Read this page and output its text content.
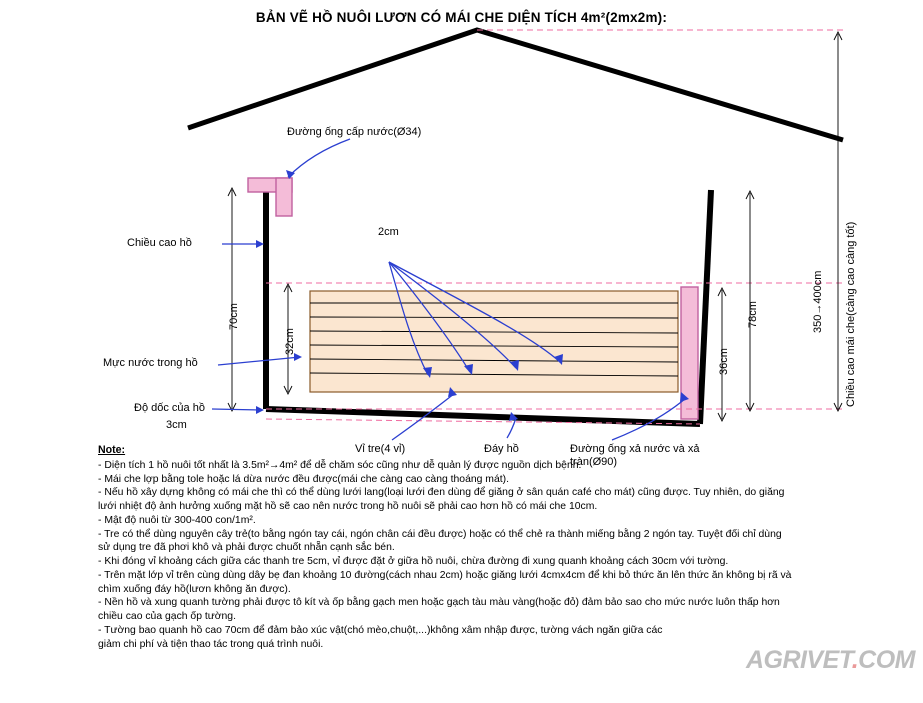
BẢN VẼ HỒ NUÔI LƯƠN CÓ MÁI CHE DIỆN TÍCH 4m²(2mx2m):
Đường ống cấp nước(Ø34)
Chiều cao hồ
Mực nước trong hồ
Độ dốc của hồ
Vỉ tre(4 vỉ)	Đáy hồ	Đường ống xả nước và xả tràn(Ø90)
2cm
70cm
32cm
3cm
78cm
36cm
350→400cm Chiều cao mái che(càng cao càng tốt)
Note:

- Diện tích 1 hồ nuôi tốt nhất là 3.5m²→4m² để dễ chăm sóc cũng như dễ quản lý được nguồn dịch bệnh.

- Mái che lợp bằng tole hoặc lá dừa nước đều được(mái che càng cao càng thoáng mát).

- Nếu hồ xây dựng không có mái che thì có thể dùng lưới lang(loại lưới đen dùng để giăng ở sân quán café cho mát) cũng được. Tuy nhiên, do giăng

lưới nhiệt độ ảnh hưởng xuống mặt hồ sẽ cao nên nước trong hồ nuôi sẽ phải cao hơn hồ có mái che 10cm.

- Mật độ nuôi từ 300-400 con/1m².

- Tre có thể dùng nguyên cây trẻ(to bằng ngón tay cái, ngón chân cái đều được) hoặc có thể chẻ ra thành miếng bằng 2 ngón tay. Tuyệt đối chỉ dùng

sử dụng tre đã phơi khô và phải được chuốt nhẵn cạnh sắc bén.

- Khi đóng vỉ khoảng cách giữa các thanh tre 5cm, vỉ được đặt ở giữa hồ nuôi, chừa đường đi xung quanh khoảng cách 30cm với tường.

- Trên mặt lớp vỉ trên cùng dùng dây bẹ đan khoảng 10 đường(cách nhau 2cm) hoặc giăng lưới 4cmx4cm để khi bỏ thức ăn lên thức ăn không bị rã và

chìm xuống đáy hồ(lươn không ăn được).

- Nền hồ và xung quanh tường phải được tô kít và ốp bằng gạch men hoặc gạch tàu màu vàng(hoặc đỏ) đảm bảo sao cho mức nước luôn thấp hơn

chiều cao của gạch ốp tường.

- Tường bao quanh hồ cao 70cm để đảm bảo xúc vật(chó mèo,chuột,...)không xâm nhập được, tường vách ngăn giữa các

giảm chi phí và tiện thao tác trong quá trình nuôi.

AGRIVET.COM
